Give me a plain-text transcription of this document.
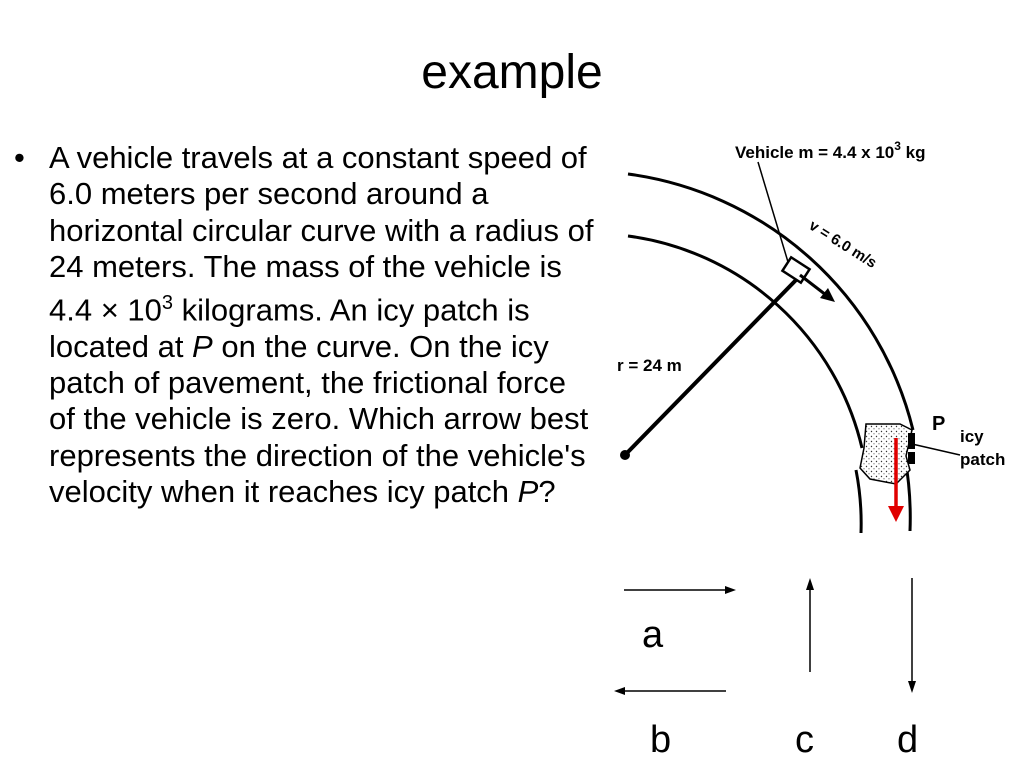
example
• A vehicle travels at a constant speed of 6.0 meters per second around a horizontal circular curve with a radius of 24 meters. The mass of the vehicle is $4.4 \times 10^3$ kilograms. An icy patch is located at P on the curve. On the icy patch of pavement, the frictional force of the vehicle is zero. Which arrow best represents the direction of the vehicle's velocity when it reaches icy patch P?
Vehicle m = 4.4 x $10^3$ kg
v = 6.0 m/s
r = 24 m
P
icy
patch
a
b	c d
